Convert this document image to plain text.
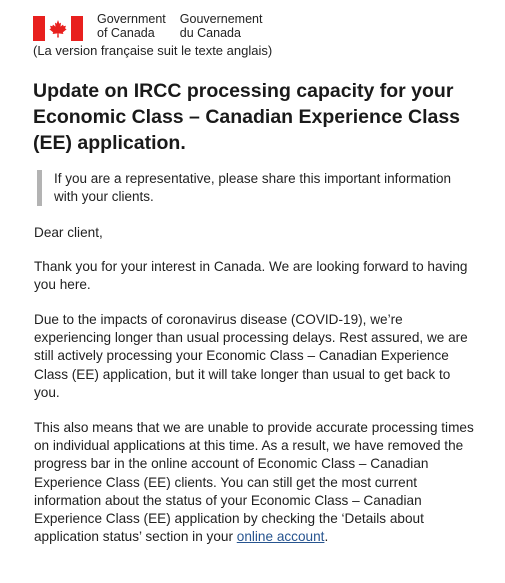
Government
of Canada
Gouvernement
du Canada
(La version française suit le texte anglais)
Update on IRCC processing capacity for your Economic Class – Canadian Experience Class (EE) application.
If you are a representative, please share this important information with your clients.

Dear client,

Thank you for your interest in Canada. We are looking forward to having you here.

Due to the impacts of coronavirus disease (COVID-19), we’re experiencing longer than usual processing delays. Rest assured, we are still actively processing your Economic Class – Canadian Experience Class (EE) application, but it will take longer than usual to get back to you.

This also means that we are unable to provide accurate processing times on individual applications at this time. As a result, we have removed the progress bar in the online account of Economic Class – Canadian Experience Class (EE) clients. You can still get the most current information about the status of your Economic Class – Canadian Experience Class (EE) application by checking the ‘Details about application status’ section in your online account.
